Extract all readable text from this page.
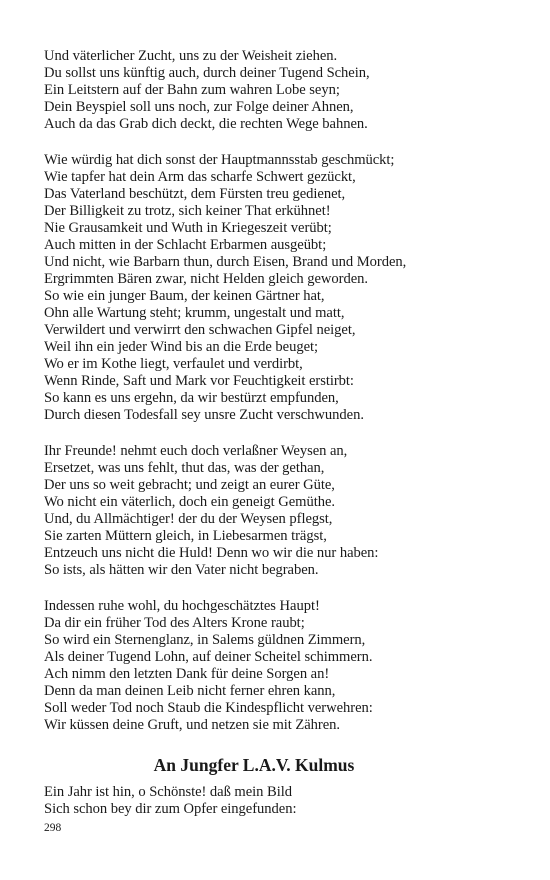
Und väterlicher Zucht, uns zu der Weisheit ziehen.
Du sollst uns künftig auch, durch deiner Tugend Schein,
Ein Leitstern auf der Bahn zum wahren Lobe seyn;
Dein Beyspiel soll uns noch, zur Folge deiner Ahnen,
Auch da das Grab dich deckt, die rechten Wege bahnen.
Wie würdig hat dich sonst der Hauptmannsstab geschmückt;
Wie tapfer hat dein Arm das scharfe Schwert gezückt,
Das Vaterland beschützt, dem Fürsten treu gedienet,
Der Billigkeit zu trotz, sich keiner That erkühnet!
Nie Grausamkeit und Wuth in Kriegeszeit verübt;
Auch mitten in der Schlacht Erbarmen ausgeübt;
Und nicht, wie Barbarn thun, durch Eisen, Brand und Morden,
Ergrimmten Bären zwar, nicht Helden gleich geworden.
So wie ein junger Baum, der keinen Gärtner hat,
Ohn alle Wartung steht; krumm, ungestalt und matt,
Verwildert und verwirrt den schwachen Gipfel neiget,
Weil ihn ein jeder Wind bis an die Erde beuget;
Wo er im Kothe liegt, verfaulet und verdirbt,
Wenn Rinde, Saft und Mark vor Feuchtigkeit erstirbt:
So kann es uns ergehn, da wir bestürzt empfunden,
Durch diesen Todesfall sey unsre Zucht verschwunden.
Ihr Freunde! nehmt euch doch verlaßner Weysen an,
Ersetzet, was uns fehlt, thut das, was der gethan,
Der uns so weit gebracht; und zeigt an eurer Güte,
Wo nicht ein väterlich, doch ein geneigt Gemüthe.
Und, du Allmächtiger! der du der Weysen pflegst,
Sie zarten Müttern gleich, in Liebesarmen trägst,
Entzeuch uns nicht die Huld! Denn wo wir die nur haben:
So ists, als hätten wir den Vater nicht begraben.
Indessen ruhe wohl, du hochgeschätztes Haupt!
Da dir ein früher Tod des Alters Krone raubt;
So wird ein Sternenglanz, in Salems güldnen Zimmern,
Als deiner Tugend Lohn, auf deiner Scheitel schimmern.
Ach nimm den letzten Dank für deine Sorgen an!
Denn da man deinen Leib nicht ferner ehren kann,
Soll weder Tod noch Staub die Kindespflicht verwehren:
Wir küssen deine Gruft, und netzen sie mit Zähren.
An Jungfer L.A.V. Kulmus
Ein Jahr ist hin, o Schönste! daß mein Bild
Sich schon bey dir zum Opfer eingefunden:
298
